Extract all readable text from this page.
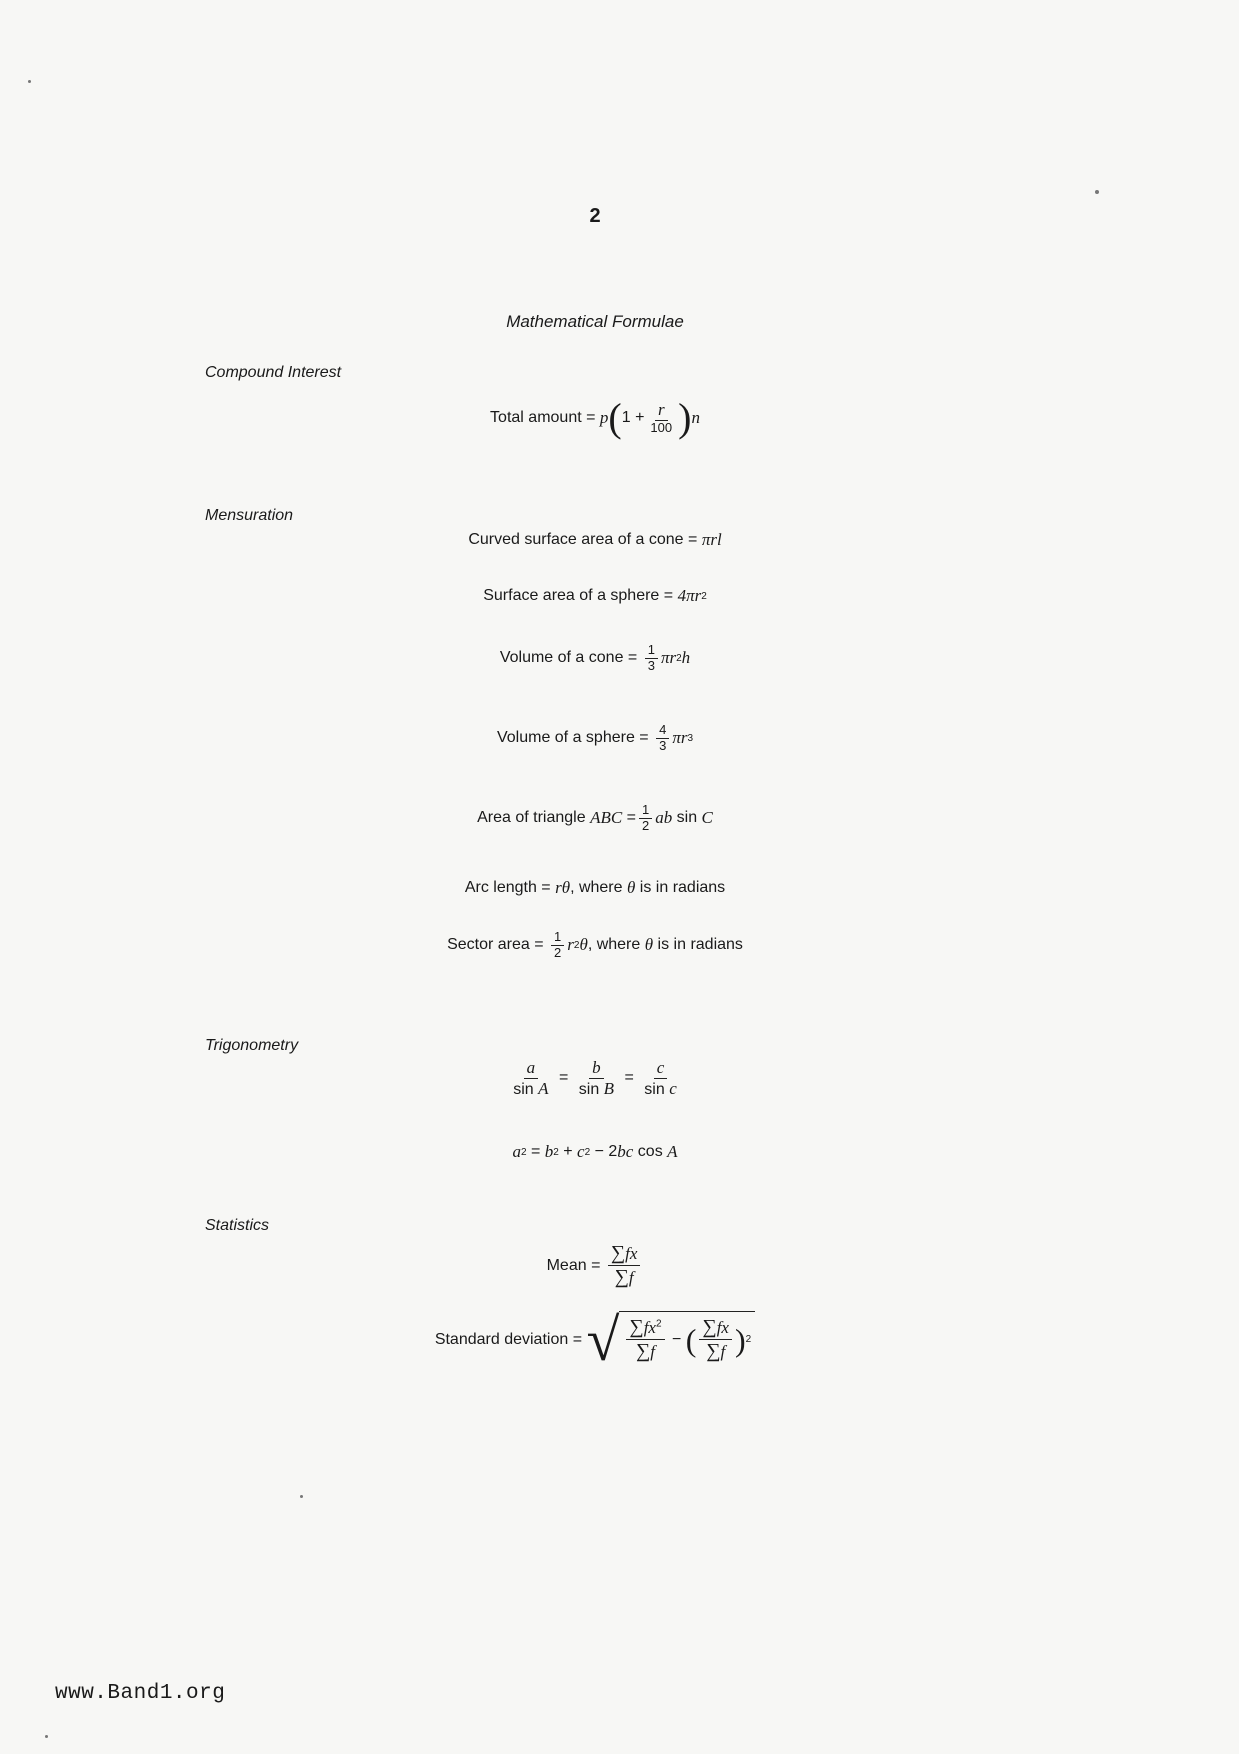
2
Mathematical Formulae
Compound Interest
Total amount =
p ( $1 + \frac{r}{100}$ ) n
Mensuration
Curved surface area of a cone =
πrl
Surface area of a sphere =
4πr 2
Volume of a cone =
$\frac{1}{3}$ πr 2 h
Volume of a sphere =
$\frac{4}{3}$ πr 3
Area of triangle
ABC = $\frac{1}{2}$ ab sin C
Arc length =
rθ , where
θ
is in radians
Sector area =
$\frac{1}{2}$ r 2 θ , where
θ
is in radians
Trigonometry
$\frac{a}{\text{sin A}} = \frac{b}{\text{sin B}} = \frac{c}{\text{sin c}}$
a 2 = b 2 + c 2 − 2 bc cos A
Statistics
Mean =
$\frac{\sum fx}{\sum f}$
Standard deviation =
√ $\frac{\sum fx^2}{\sum f}$ − ( $\frac{\sum fx}{\sum f}$ ) 2
www.Band1.org
